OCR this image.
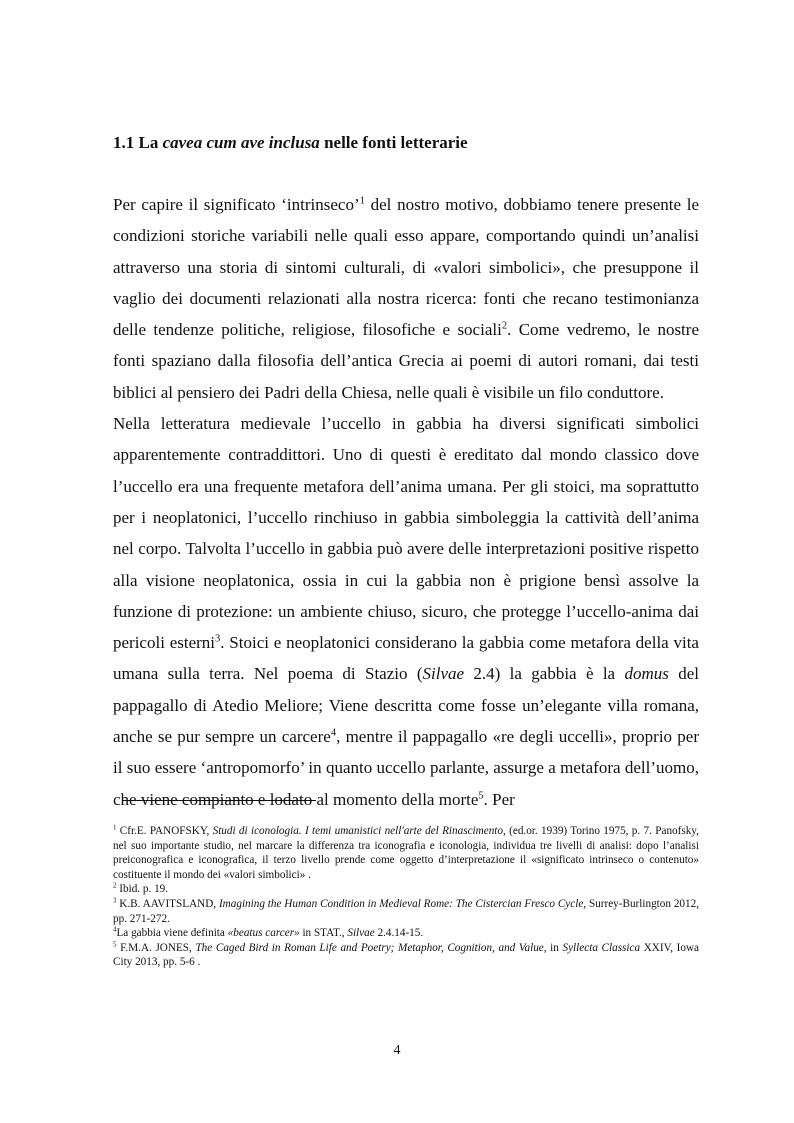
1.1 La cavea cum ave inclusa nelle fonti letterarie

Per capire il significato ‘intrinseco’$^1$ del nostro motivo, dobbiamo tenere presente le condizioni storiche variabili nelle quali esso appare, comportando quindi un’analisi attraverso una storia di sintomi culturali, di «valori simbolici», che presuppone il vaglio dei documenti relazionati alla nostra ricerca: fonti che recano testimonianza delle tendenze politiche, religiose, filosofiche e sociali$^2$. Come vedremo, le nostre fonti spaziano dalla filosofia dell’antica Grecia ai poemi di autori romani, dai testi biblici al pensiero dei Padri della Chiesa, nelle quali è visibile un filo conduttore.

Nella letteratura medievale l’uccello in gabbia ha diversi significati simbolici apparentemente contraddittori. Uno di questi è ereditato dal mondo classico dove l’uccello era una frequente metafora dell’anima umana. Per gli stoici, ma soprattutto per i neoplatonici, l’uccello rinchiuso in gabbia simboleggia la cattività dell’anima nel corpo. Talvolta l’uccello in gabbia può avere delle interpretazioni positive rispetto alla visione neoplatonica, ossia in cui la gabbia non è prigione bensì assolve la funzione di protezione: un ambiente chiuso, sicuro, che protegge l’uccello-anima dai pericoli esterni$^3$. Stoici e neoplatonici considerano la gabbia come metafora della vita umana sulla terra. Nel poema di Stazio (Silvae 2.4) la gabbia è la domus del pappagallo di Atedio Meliore; Viene descritta come fosse un’elegante villa romana, anche se pur sempre un carcere$^4$, mentre il pappagallo «re degli uccelli», proprio per il suo essere ‘antropomorfo’ in quanto uccello parlante, assurge a metafora dell’uomo, che viene compianto e lodato al momento della morte$^5$. Per

$^1$ Cfr.E. PANOFSKY, Studi di iconologia. I temi umanistici nell'arte del Rinascimento, (ed.or. 1939) Torino 1975, p. 7. Panofsky, nel suo importante studio, nel marcare la differenza tra iconografia e iconologia, individua tre livelli di analisi: dopo l’analisi preiconografica e iconografica, il terzo livello prende come oggetto d’interpretazione il «significato intrinseco o contenuto» costituente il mondo dei «valori simbolici» .

$^2$ Ibid. p. 19.

$^3$ K.B. AAVITSLAND, Imagining the Human Condition in Medieval Rome: The Cistercian Fresco Cycle, Surrey-Burlington 2012, pp. 271-272.

$^4$La gabbia viene definita «beatus carcer» in STAT., Silvae 2.4.14-15.

$^5$ F.M.A. JONES, The Caged Bird in Roman Life and Poetry; Metaphor, Cognition, and Value, in Syllecta Classica XXIV, Iowa City 2013, pp. 5-6 .

4
